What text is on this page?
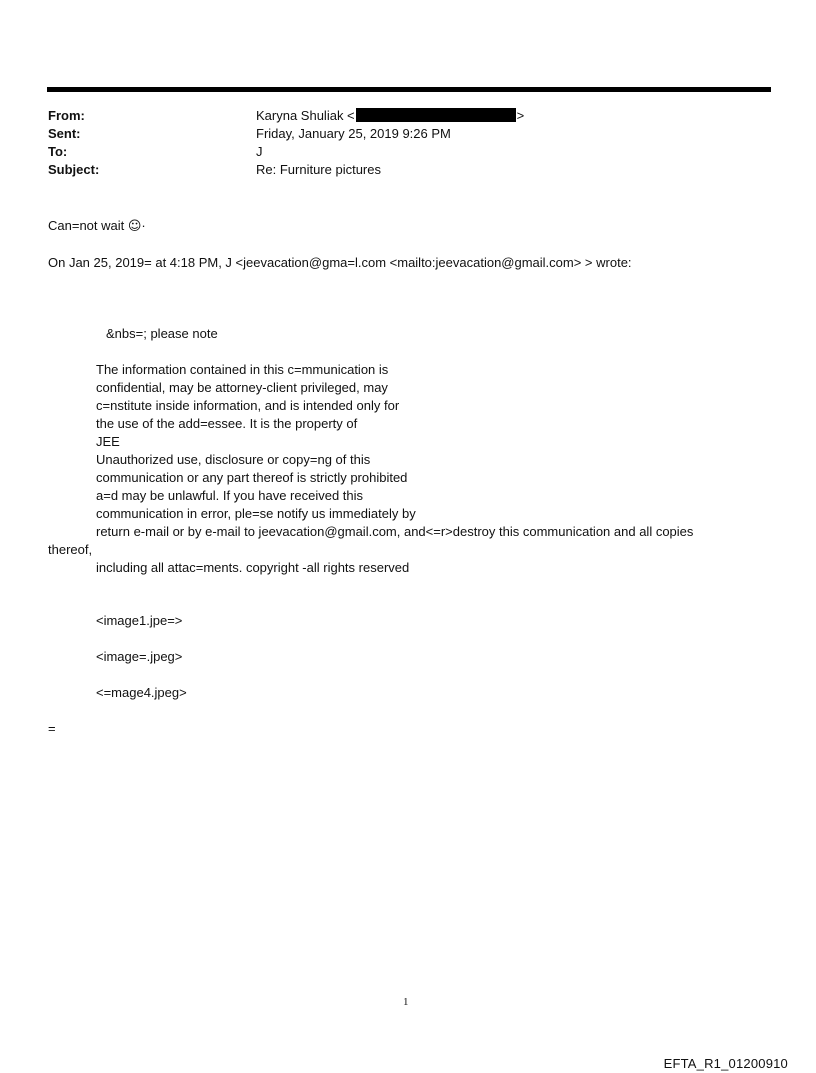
From:	Karyna Shuliak <	>
Sent:	Friday, January 25, 2019 9:26 PM
To:	J
Subject:	Re: Furniture pictures
Can=not wait ☺·
On Jan 25, 2019= at 4:18 PM, J <jeevacation@gma=l.com <mailto:jeevacation@gmail.com> > wrote:
&nbs=; please note
The information contained in this c=mmunication is
confidential, may be attorney-client privileged, may
c=nstitute inside information, and is intended only for
the use of the add=essee. It is the property of
JEE
Unauthorized use, disclosure or copy=ng of this
communication or any part thereof is strictly prohibited
a=d may be unlawful. If you have received this
communication in error, ple=se notify us immediately by
return e-mail or by e-mail to jeevacation@gmail.com, and<=r>destroy this communication and all copies
thereof,
including all attac=ments. copyright -all rights reserved
<image1.jpe=>
<image=.jpeg>
<=mage4.jpeg>
=
1
EFTA_R1_01200910
